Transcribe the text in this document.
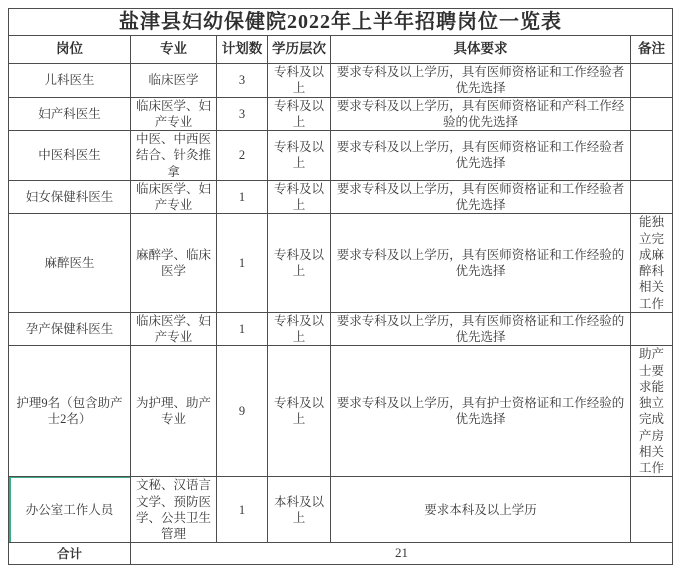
盐津县妇幼保健院2022年上半年招聘岗位一览表					
岗位	专业	计划数	学历层次	具体要求	备注
儿科医生	临床医学	3	专科及以上	要求专科及以上学历，具有医师资格证和工作经验者优先选择	
妇产科医生	临床医学、妇产专业	3	专科及以上	要求专科及以上学历，具有医师资格证和产科工作经验的优先选择	
中医科医生	中医、中西医结合、针灸推拿	2	专科及以上	要求专科及以上学历，具有医师资格证和工作经验者优先选择	
妇女保健科医生	临床医学、妇产专业	1	专科及以上	要求专科及以上学历，具有医师资格证和工作经验者优先选择	
麻醉医生	麻醉学、临床医学	1	专科及以上	要求专科及以上学历，具有医师资格证和工作经验的优先选择	能独立完成麻醉科相关工作
孕产保健科医生	临床医学、妇产专业	1	专科及以上	要求专科及以上学历，具有医师资格证和工作经验的优先选择	
护理9名（包含助产士2名）	为护理、助产专业	9	专科及以上	要求专科及以上学历，具有护士资格证和工作经验的优先选择	助产士要求能独立完成产房相关工作
办公室工作人员	文秘、汉语言文学、预防医学、公共卫生管理	1	本科及以上	要求本科及以上学历	
合计	21				
